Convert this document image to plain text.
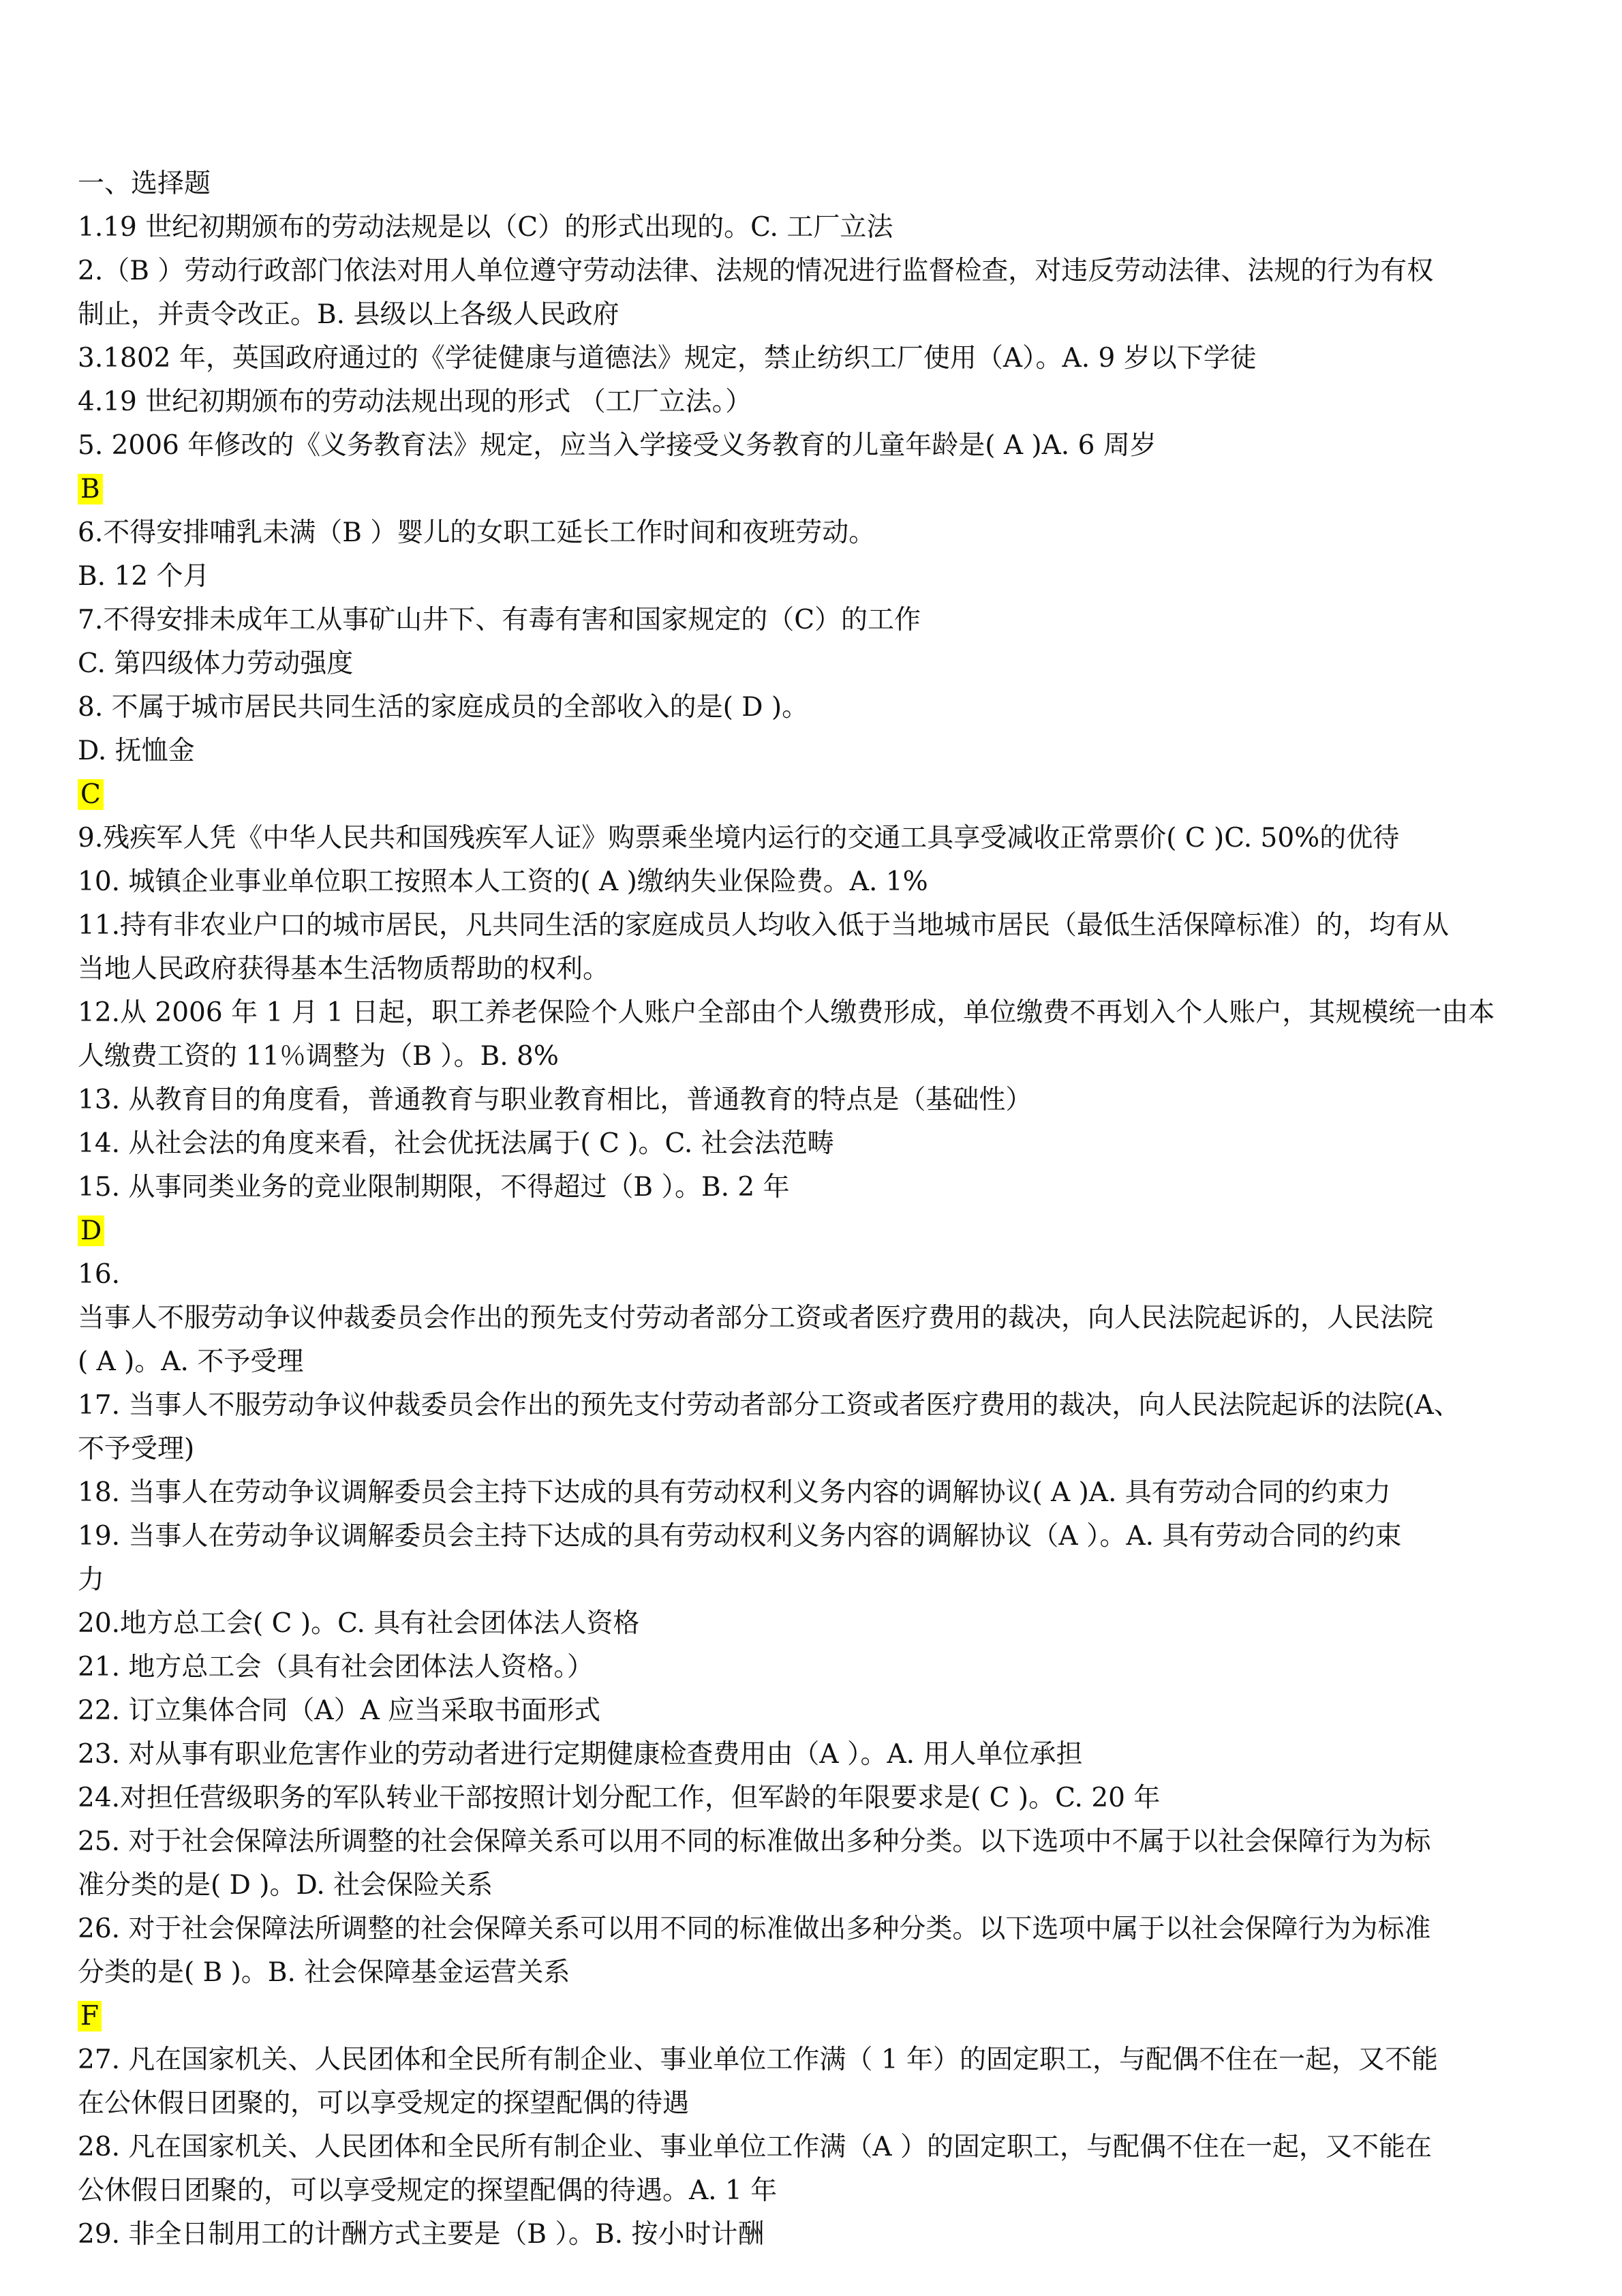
一、选择题
1.19 世纪初期颁布的劳动法规是以（C）的形式出现的。C. 工厂立法
2.（B ）劳动行政部门依法对用人单位遵守劳动法律、法规的情况进行监督检查，对违反劳动法律、法规的行为有权
制止，并责令改正。B. 县级以上各级人民政府
3.1802 年，英国政府通过的《学徒健康与道德法》规定，禁止纺织工厂使用（A）。A. 9 岁以下学徒
4.19 世纪初期颁布的劳动法规出现的形式 （工厂立法。）
5. 2006 年修改的《义务教育法》规定，应当入学接受义务教育的儿童年龄是( A )A. 6 周岁
B
6.不得安排哺乳未满（B ）婴儿的女职工延长工作时间和夜班劳动。
B. 12 个月
7.不得安排未成年工从事矿山井下、有毒有害和国家规定的（C）的工作
C. 第四级体力劳动强度
8. 不属于城市居民共同生活的家庭成员的全部收入的是( D )。
D. 抚恤金
C
9.残疾军人凭《中华人民共和国残疾军人证》购票乘坐境内运行的交通工具享受减收正常票价( C )C. 50%的优待
10. 城镇企业事业单位职工按照本人工资的( A )缴纳失业保险费。A. 1%
11.持有非农业户口的城市居民，凡共同生活的家庭成员人均收入低于当地城市居民（最低生活保障标准）的，均有从
当地人民政府获得基本生活物质帮助的权利。
12.从 2006 年 1 月 1 日起，职工养老保险个人账户全部由个人缴费形成，单位缴费不再划入个人账户，其规模统一由本
人缴费工资的 11％调整为（B ）。B. 8%
13. 从教育目的角度看，普通教育与职业教育相比，普通教育的特点是（基础性）
14. 从社会法的角度来看，社会优抚法属于( C )。C. 社会法范畴
15. 从事同类业务的竞业限制期限，不得超过（B ）。B. 2 年
D
16.
当事人不服劳动争议仲裁委员会作出的预先支付劳动者部分工资或者医疗费用的裁决，向人民法院起诉的，人民法院
( A )。A. 不予受理
17. 当事人不服劳动争议仲裁委员会作出的预先支付劳动者部分工资或者医疗费用的裁决，向人民法院起诉的法院(A、
不予受理)
18. 当事人在劳动争议调解委员会主持下达成的具有劳动权利义务内容的调解协议( A )A. 具有劳动合同的约束力
19. 当事人在劳动争议调解委员会主持下达成的具有劳动权利义务内容的调解协议（A ）。A. 具有劳动合同的约束
力
20.地方总工会( C )。C. 具有社会团体法人资格
21. 地方总工会（具有社会团体法人资格。）
22. 订立集体合同（A）A 应当采取书面形式
23. 对从事有职业危害作业的劳动者进行定期健康检查费用由（A ）。A. 用人单位承担
24.对担任营级职务的军队转业干部按照计划分配工作，但军龄的年限要求是( C )。C. 20 年
25. 对于社会保障法所调整的社会保障关系可以用不同的标准做出多种分类。以下选项中不属于以社会保障行为为标
准分类的是( D )。D. 社会保险关系
26. 对于社会保障法所调整的社会保障关系可以用不同的标准做出多种分类。以下选项中属于以社会保障行为为标准
分类的是( B )。B. 社会保障基金运营关系
F
27. 凡在国家机关、人民团体和全民所有制企业、事业单位工作满（ 1 年）的固定职工，与配偶不住在一起，又不能
在公休假日团聚的，可以享受规定的探望配偶的待遇
28. 凡在国家机关、人民团体和全民所有制企业、事业单位工作满（A ）的固定职工，与配偶不住在一起，又不能在
公休假日团聚的，可以享受规定的探望配偶的待遇。A. 1 年
29. 非全日制用工的计酬方式主要是（B ）。B. 按小时计酬
